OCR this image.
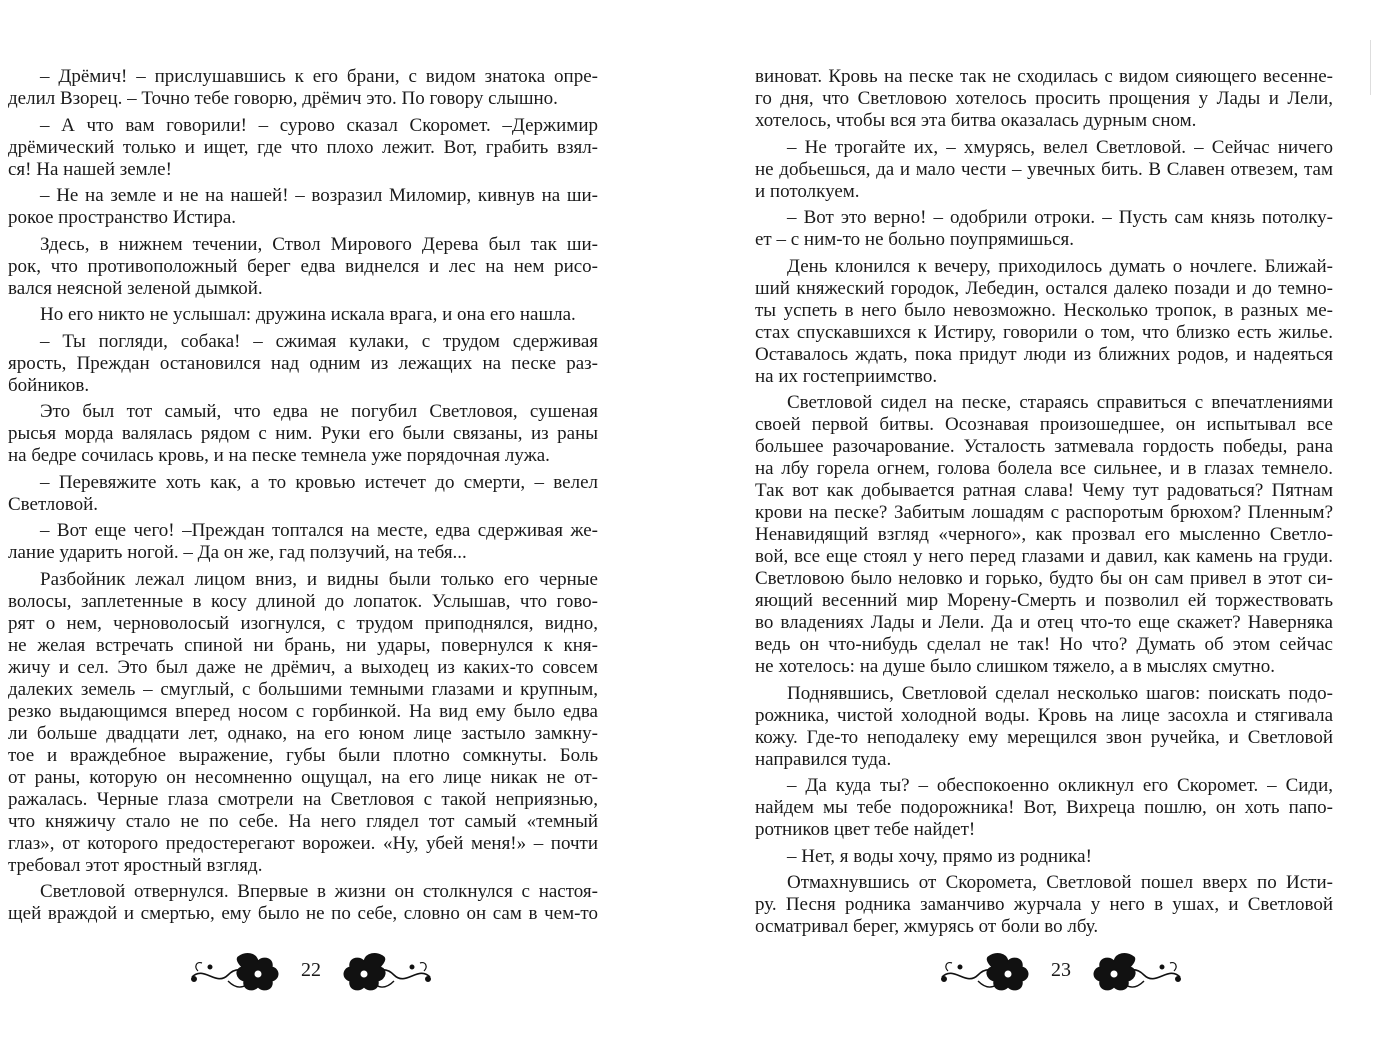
– Дрёмич! – прислушавшись к его брани, с видом знатока опре-
делил Взорец. – Точно тебе говорю, дрёмич это. По говору слышно.
– А что вам говорили! – сурово сказал Скоромет. –Держимир
дрёмический только и ищет, где что плохо лежит. Вот, грабить взял-
ся! На нашей земле!
– Не на земле и не на нашей! – возразил Миломир, кивнув на ши-
рокое пространство Истира.
Здесь, в нижнем течении, Ствол Мирового Дерева был так ши-
рок, что противоположный берег едва виднелся и лес на нем рисо-
вался неясной зеленой дымкой.
Но его никто не услышал: дружина искала врага, и она его нашла.
– Ты погляди, собака! – сжимая кулаки, с трудом сдерживая
ярость, Преждан остановился над одним из лежащих на песке раз-
бойников.
Это был тот самый, что едва не погубил Светловоя, сушеная
рысья морда валялась рядом с ним. Руки его были связаны, из раны
на бедре сочилась кровь, и на песке темнела уже порядочная лужа.
– Перевяжите хоть как, а то кровью истечет до смерти, – велел
Светловой.
– Вот еще чего! –Преждан топтался на месте, едва сдерживая же-
лание ударить ногой. – Да он же, гад ползучий, на тебя...
Разбойник лежал лицом вниз, и видны были только его черные
волосы, заплетенные в косу длиной до лопаток. Услышав, что гово-
рят о нем, черноволосый изогнулся, с трудом приподнялся, видно,
не желая встречать спиной ни брань, ни удары, повернулся к кня-
жичу и сел. Это был даже не дрёмич, а выходец из каких-то совсем
далеких земель – смуглый, с большими темными глазами и крупным,
резко выдающимся вперед носом с горбинкой. На вид ему было едва
ли больше двадцати лет, однако, на его юном лице застыло замкну-
тое и враждебное выражение, губы были плотно сомкнуты. Боль
от раны, которую он несомненно ощущал, на его лице никак не от-
ражалась. Черные глаза смотрели на Светловоя с такой неприязнью,
что княжичу стало не по себе. На него глядел тот самый «темный
глаз», от которого предостерегают ворожеи. «Ну, убей меня!» – почти
требовал этот яростный взгляд.
Светловой отвернулся. Впервые в жизни он столкнулся с настоя-
щей враждой и смертью, ему было не по себе, словно он сам в чем-то
виноват. Кровь на песке так не сходилась с видом сияющего весенне-
го дня, что Светловою хотелось просить прощения у Лады и Лели,
хотелось, чтобы вся эта битва оказалась дурным сном.
– Не трогайте их, – хмурясь, велел Светловой. – Сейчас ничего
не добьешься, да и мало чести – увечных бить. В Славен отвезем, там
и потолкуем.
– Вот это верно! – одобрили отроки. – Пусть сам князь потолку-
ет – с ним-то не больно поупрямишься.
День клонился к вечеру, приходилось думать о ночлеге. Ближай-
ший княжеский городок, Лебедин, остался далеко позади и до темно-
ты успеть в него было невозможно. Несколько тропок, в разных ме-
стах спускавшихся к Истиру, говорили о том, что близко есть жилье.
Оставалось ждать, пока придут люди из ближних родов, и надеяться
на их гостеприимство.
Светловой сидел на песке, стараясь справиться с впечатлениями
своей первой битвы. Осознавая произошедшее, он испытывал все
большее разочарование. Усталость затмевала гордость победы, рана
на лбу горела огнем, голова болела все сильнее, и в глазах темнело.
Так вот как добывается ратная слава! Чему тут радоваться? Пятнам
крови на песке? Забитым лошадям с распоротым брюхом? Пленным?
Ненавидящий взгляд «черного», как прозвал его мысленно Светло-
вой, все еще стоял у него перед глазами и давил, как камень на груди.
Светловою было неловко и горько, будто бы он сам привел в этот си-
яющий весенний мир Морену-Смерть и позволил ей торжествовать
во владениях Лады и Лели. Да и отец что-то еще скажет? Наверняка
ведь он что-нибудь сделал не так! Но что? Думать об этом сейчас
не хотелось: на душе было слишком тяжело, а в мыслях смутно.
Поднявшись, Светловой сделал несколько шагов: поискать подо-
рожника, чистой холодной воды. Кровь на лице засохла и стягивала
кожу. Где-то неподалеку ему мерещился звон ручейка, и Светловой
направился туда.
– Да куда ты? – обеспокоенно окликнул его Скоромет. – Сиди,
найдем мы тебе подорожника! Вот, Вихреца пошлю, он хоть папо-
ротников цвет тебе найдет!
– Нет, я воды хочу, прямо из родника!
Отмахнувшись от Скоромета, Светловой пошел вверх по Исти-
ру. Песня родника заманчиво журчала у него в ушах, и Светловой
осматривал берег, жмурясь от боли во лбу.
22	23
